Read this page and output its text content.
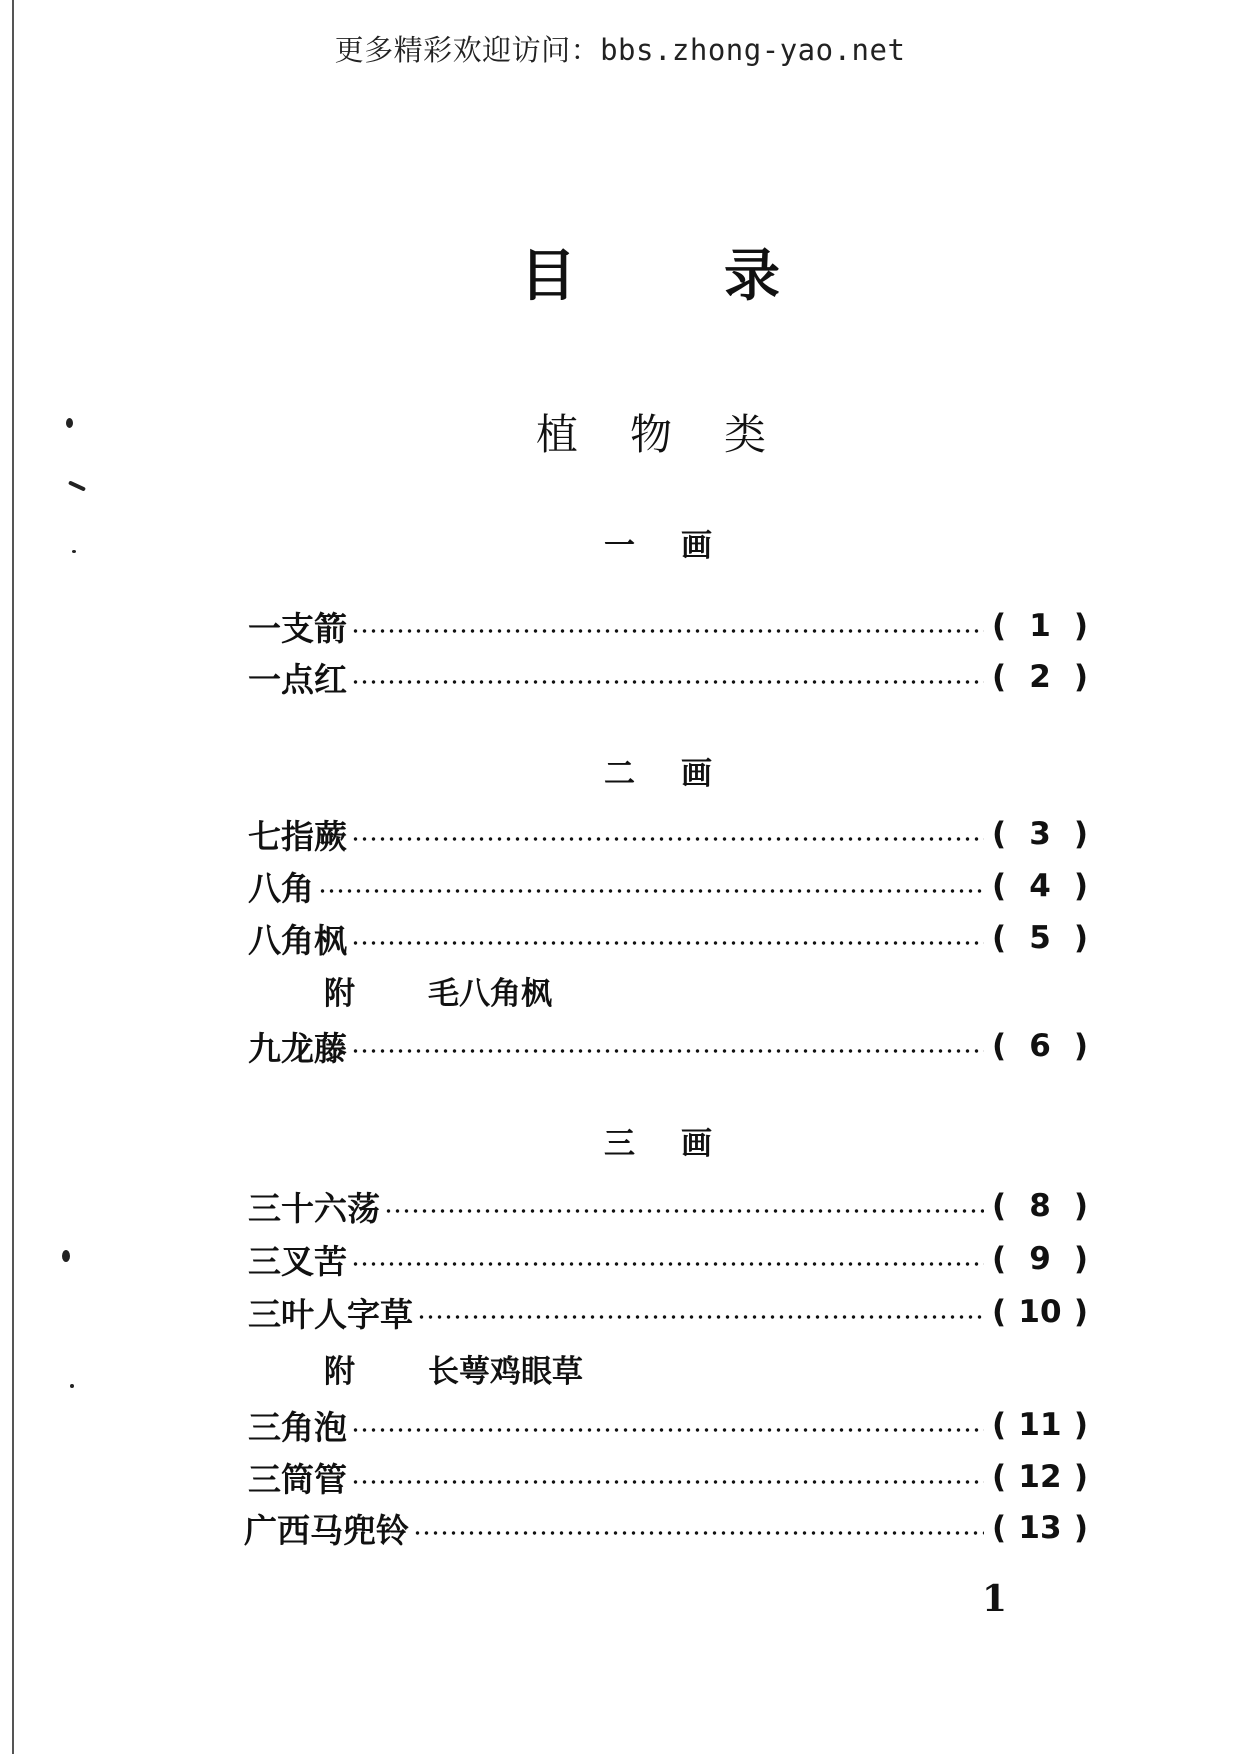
更多精彩欢迎访问：bbs.zhong-yao.net
目	录
植 物 类
一 画
一支箭	( 1 )
一点红	( 2 )
二 画
七指蕨	( 3 )
八角	( 4 )
八角枫	( 5 )
附	毛八角枫
九龙藤	( 6 )
三 画
三十六荡	( 8 )
三叉苦	( 9 )
三叶人字草	( 10 )
附	长萼鸡眼草
三角泡	( 11 )
三筒管	( 12 )
广西马兜铃	( 13 )
1
